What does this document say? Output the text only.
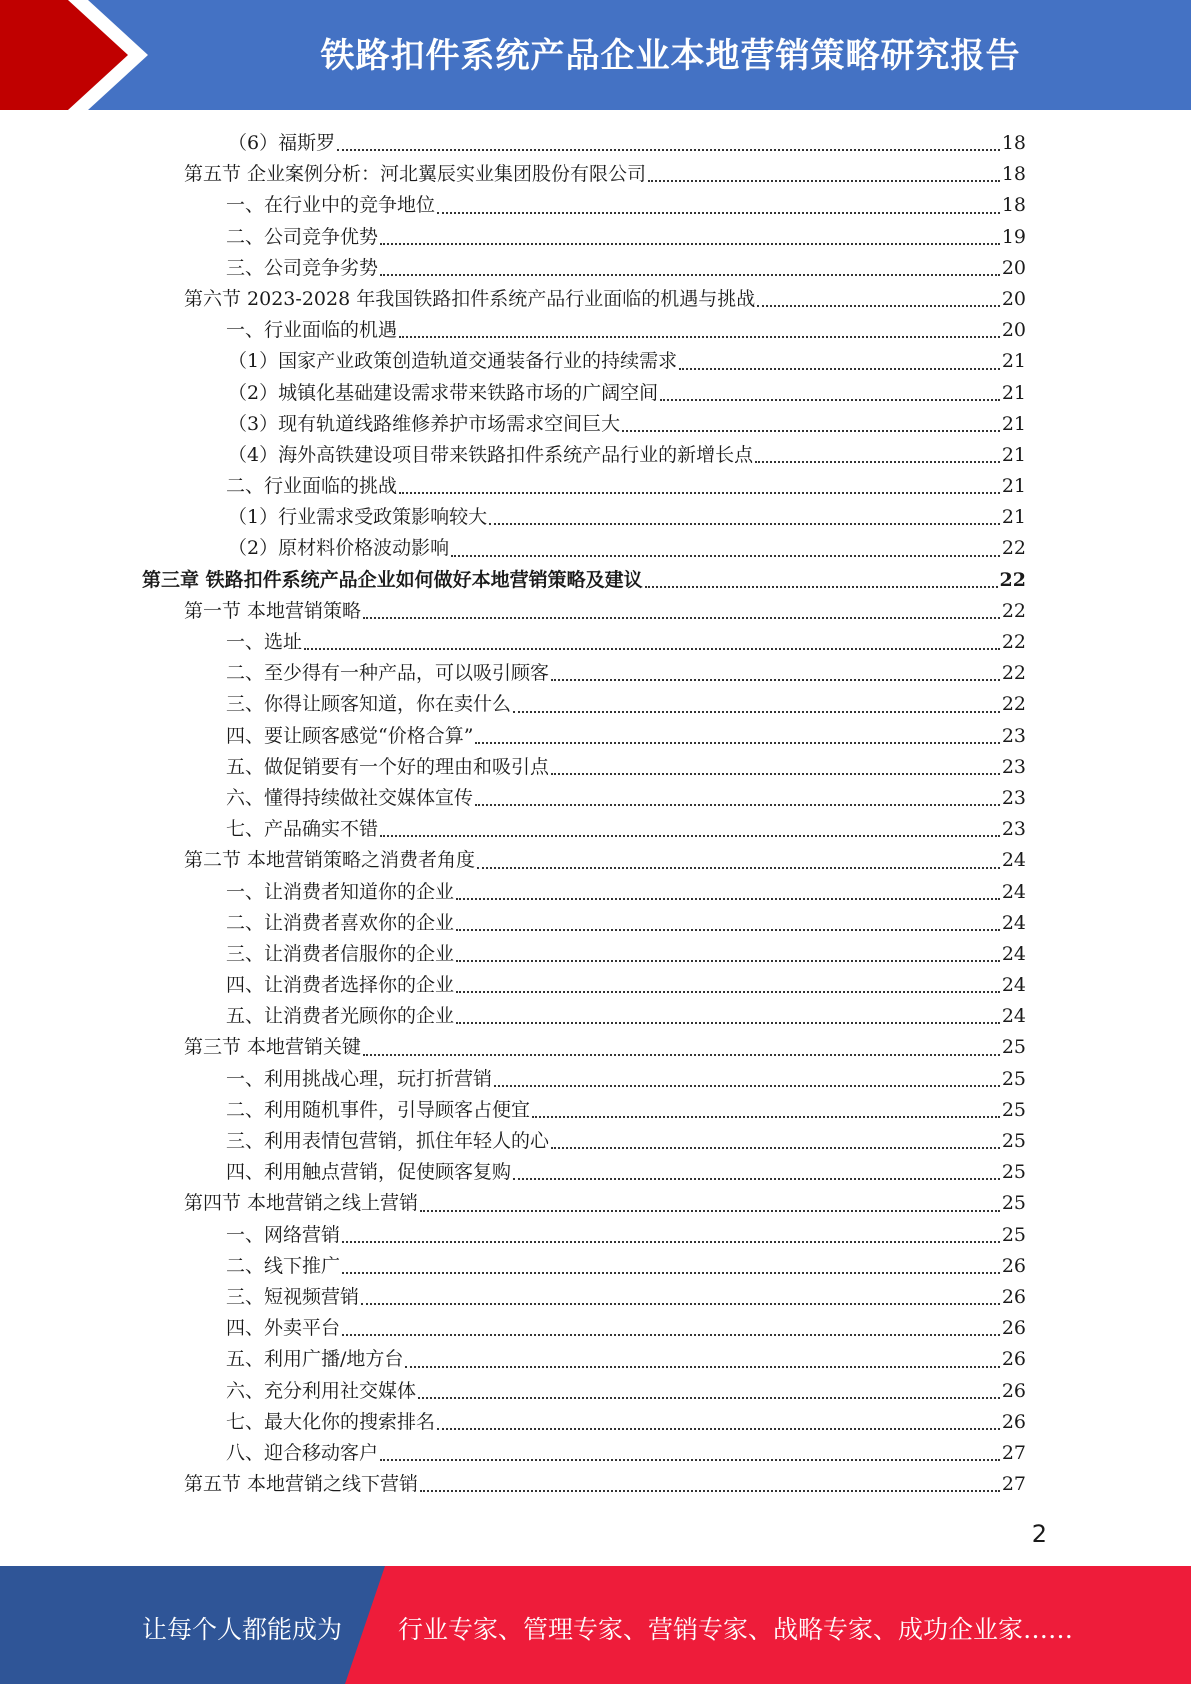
铁路扣件系统产品企业本地营销策略研究报告
（6）福斯罗	18
第五节 企业案例分析：河北翼辰实业集团股份有限公司	18
一、在行业中的竞争地位	18
二、公司竞争优势	19
三、公司竞争劣势	20
第六节 2023-2028 年我国铁路扣件系统产品行业面临的机遇与挑战	20
一、行业面临的机遇	20
（1）国家产业政策创造轨道交通装备行业的持续需求	21
（2）城镇化基础建设需求带来铁路市场的广阔空间	21
（3）现有轨道线路维修养护市场需求空间巨大	21
（4）海外高铁建设项目带来铁路扣件系统产品行业的新增长点	21
二、行业面临的挑战	21
（1）行业需求受政策影响较大	21
（2）原材料价格波动影响	22
第三章 铁路扣件系统产品企业如何做好本地营销策略及建议	22
第一节 本地营销策略	22
一、选址	22
二、至少得有一种产品，可以吸引顾客	22
三、你得让顾客知道，你在卖什么	22
四、要让顾客感觉“价格合算”	23
五、做促销要有一个好的理由和吸引点	23
六、懂得持续做社交媒体宣传	23
七、产品确实不错	23
第二节 本地营销策略之消费者角度	24
一、让消费者知道你的企业	24
二、让消费者喜欢你的企业	24
三、让消费者信服你的企业	24
四、让消费者选择你的企业	24
五、让消费者光顾你的企业	24
第三节 本地营销关键	25
一、利用挑战心理，玩打折营销	25
二、利用随机事件，引导顾客占便宜	25
三、利用表情包营销，抓住年轻人的心	25
四、利用触点营销，促使顾客复购	25
第四节 本地营销之线上营销	25
一、网络营销	25
二、线下推广	26
三、短视频营销	26
四、外卖平台	26
五、利用广播/地方台	26
六、充分利用社交媒体	26
七、最大化你的搜索排名	26
八、迎合移动客户	27
第五节 本地营销之线下营销	27
2
让每个人都能成为 行业专家、管理专家、营销专家、战略专家、成功企业家……
